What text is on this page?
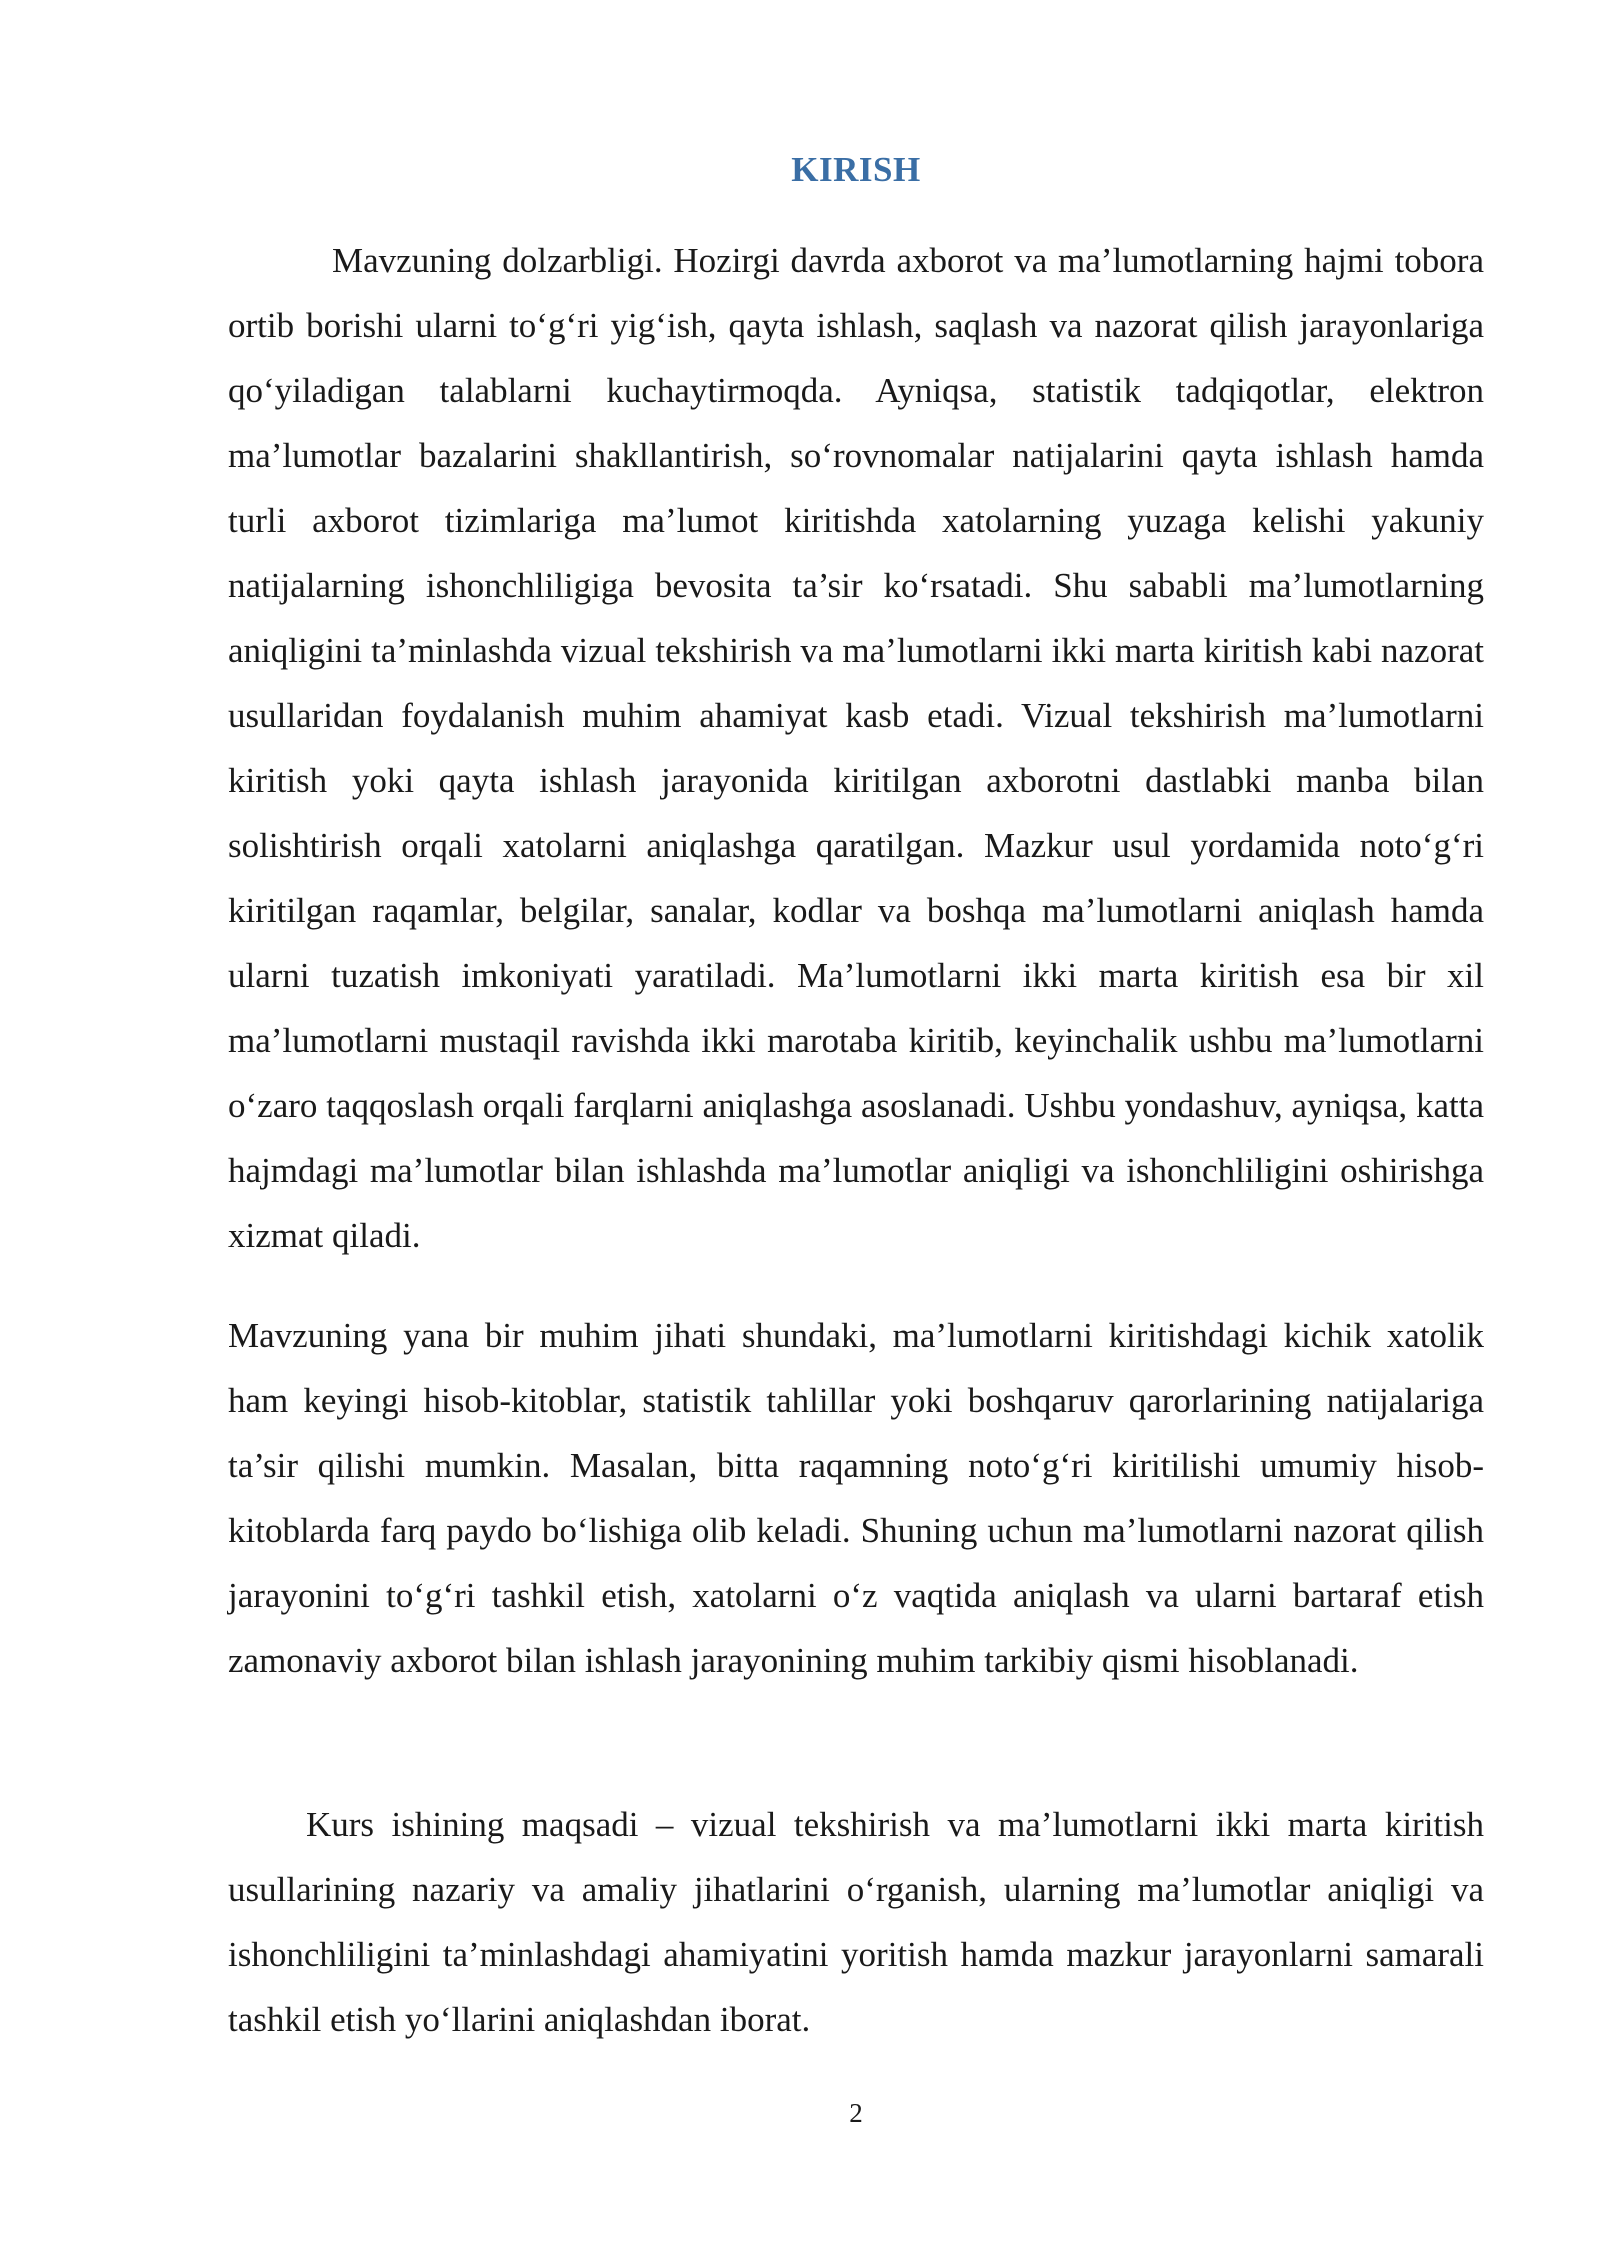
KIRISH

Mavzuning dolzarbligi. Hozirgi davrda axborot va ma’lumotlarning hajmi tobora ortib borishi ularni to‘g‘ri yig‘ish, qayta ishlash, saqlash va nazorat qilish jarayonlariga qo‘yiladigan talablarni kuchaytirmoqda. Ayniqsa, statistik tadqiqotlar, elektron ma’lumotlar bazalarini shakllantirish, so‘rovnomalar natijalarini qayta ishlash hamda turli axborot tizimlariga ma’lumot kiritishda xatolarning yuzaga kelishi yakuniy natijalarning ishonchliligiga bevosita ta’sir ko‘rsatadi. Shu sababli ma’lumotlarning aniqligini ta’minlashda vizual tekshirish va ma’lumotlarni ikki marta kiritish kabi nazorat usullaridan foydalanish muhim ahamiyat kasb etadi. Vizual tekshirish ma’lumotlarni kiritish yoki qayta ishlash jarayonida kiritilgan axborotni dastlabki manba bilan solishtirish orqali xatolarni aniqlashga qaratilgan. Mazkur usul yordamida noto‘g‘ri kiritilgan raqamlar, belgilar, sanalar, kodlar va boshqa ma’lumotlarni aniqlash hamda ularni tuzatish imkoniyati yaratiladi. Ma’lumotlarni ikki marta kiritish esa bir xil ma’lumotlarni mustaqil ravishda ikki marotaba kiritib, keyinchalik ushbu ma’lumotlarni o‘zaro taqqoslash orqali farqlarni aniqlashga asoslanadi. Ushbu yondashuv, ayniqsa, katta hajmdagi ma’lumotlar bilan ishlashda ma’lumotlar aniqligi va ishonchliligini oshirishga xizmat qiladi.

Mavzuning yana bir muhim jihati shundaki, ma’lumotlarni kiritishdagi kichik xatolik ham keyingi hisob-kitoblar, statistik tahlillar yoki boshqaruv qarorlarining natijalariga ta’sir qilishi mumkin. Masalan, bitta raqamning noto‘g‘ri kiritilishi umumiy hisob-kitoblarda farq paydo bo‘lishiga olib keladi. Shuning uchun ma’lumotlarni nazorat qilish jarayonini to‘g‘ri tashkil etish, xatolarni o‘z vaqtida aniqlash va ularni bartaraf etish zamonaviy axborot bilan ishlash jarayonining muhim tarkibiy qismi hisoblanadi.

Kurs ishining maqsadi – vizual tekshirish va ma’lumotlarni ikki marta kiritish usullarining nazariy va amaliy jihatlarini o‘rganish, ularning ma’lumotlar aniqligi va ishonchliligini ta’minlashdagi ahamiyatini yoritish hamda mazkur jarayonlarni samarali tashkil etish yo‘llarini aniqlashdan iborat.

2
